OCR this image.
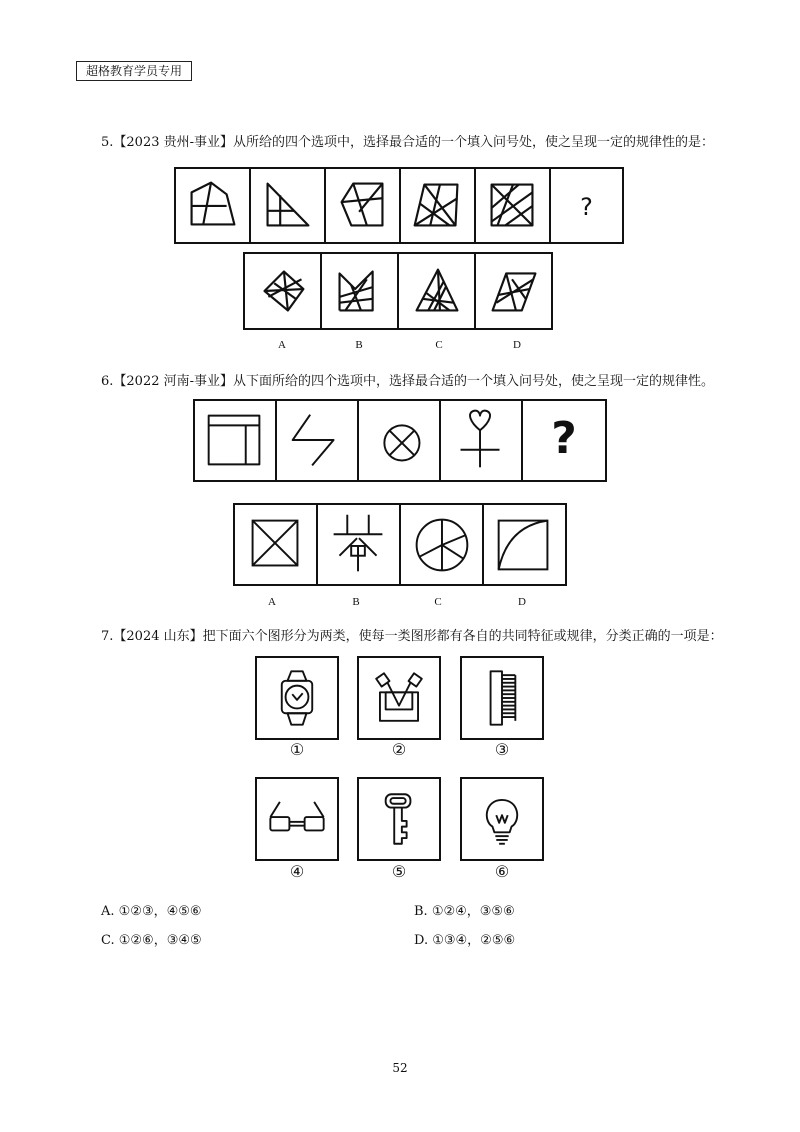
超格教育学员专用
5.【2023 贵州-事业】从所给的四个选项中，选择最合适的一个填入问号处，使之呈现一定的规律性的是：
?
A	B	C	D
6.【2022 河南-事业】从下面所给的四个选项中，选择最合适的一个填入问号处，使之呈现一定的规律性。
?
A	B	C	D
7.【2024 山东】把下面六个图形分为两类，使每一类图形都有各自的共同特征或规律，分类正确的一项是：
①	②	③
④	⑤	⑥
A. ①②③，④⑤⑥	B. ①②④，③⑤⑥
C. ①②⑥，③④⑤	D. ①③④，②⑤⑥
52
